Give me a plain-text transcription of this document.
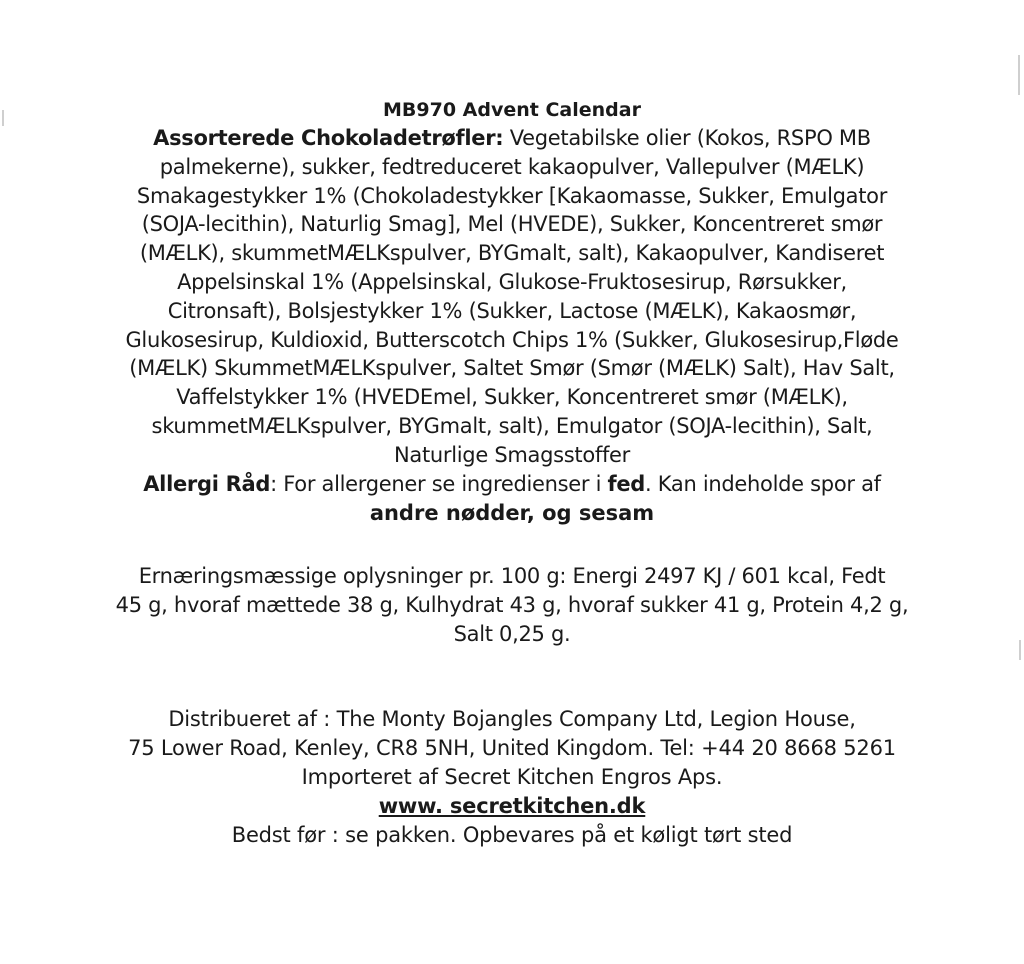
MB970 Advent Calendar

Assorterede Chokoladetrøfler: Vegetabilske olier (Kokos, RSPO MB
palmekerne), sukker, fedtreduceret kakaopulver, Vallepulver (MÆLK)
Smakagestykker 1% (Chokoladestykker [Kakaomasse, Sukker, Emulgator
(SOJA-lecithin), Naturlig Smag], Mel (HVEDE), Sukker, Koncentreret smør
(MÆLK), skummetMÆLKspulver, BYGmalt, salt), Kakaopulver, Kandiseret
Appelsinskal 1% (Appelsinskal, Glukose-Fruktosesirup, Rørsukker,
Citronsaft), Bolsjestykker 1% (Sukker, Lactose (MÆLK), Kakaosmør,
Glukosesirup, Kuldioxid, Butterscotch Chips 1% (Sukker, Glukosesirup,Fløde
(MÆLK) SkummetMÆLKspulver, Saltet Smør (Smør (MÆLK) Salt), Hav Salt,
Vaffelstykker 1% (HVEDEmel, Sukker, Koncentreret smør (MÆLK),
skummetMÆLKspulver, BYGmalt, salt), Emulgator (SOJA-lecithin), Salt,
Naturlige Smagsstoffer
Allergi Råd: For allergener se ingredienser i fed. Kan indeholde spor af

andre nødder, og sesam

Ernæringsmæssige oplysninger pr. 100 g: Energi 2497 KJ / 601 kcal, Fedt
45 g, hvoraf mættede 38 g, Kulhydrat 43 g, hvoraf sukker 41 g, Protein 4,2 g,
Salt 0,25 g.
Distribueret af : The Monty Bojangles Company Ltd, Legion House,
75 Lower Road, Kenley, CR8 5NH, United Kingdom. Tel: +44 20 8668 5261
Importeret af Secret Kitchen Engros Aps.
www. secretkitchen.dk
Bedst før : se pakken. Opbevares på et køligt tørt sted
